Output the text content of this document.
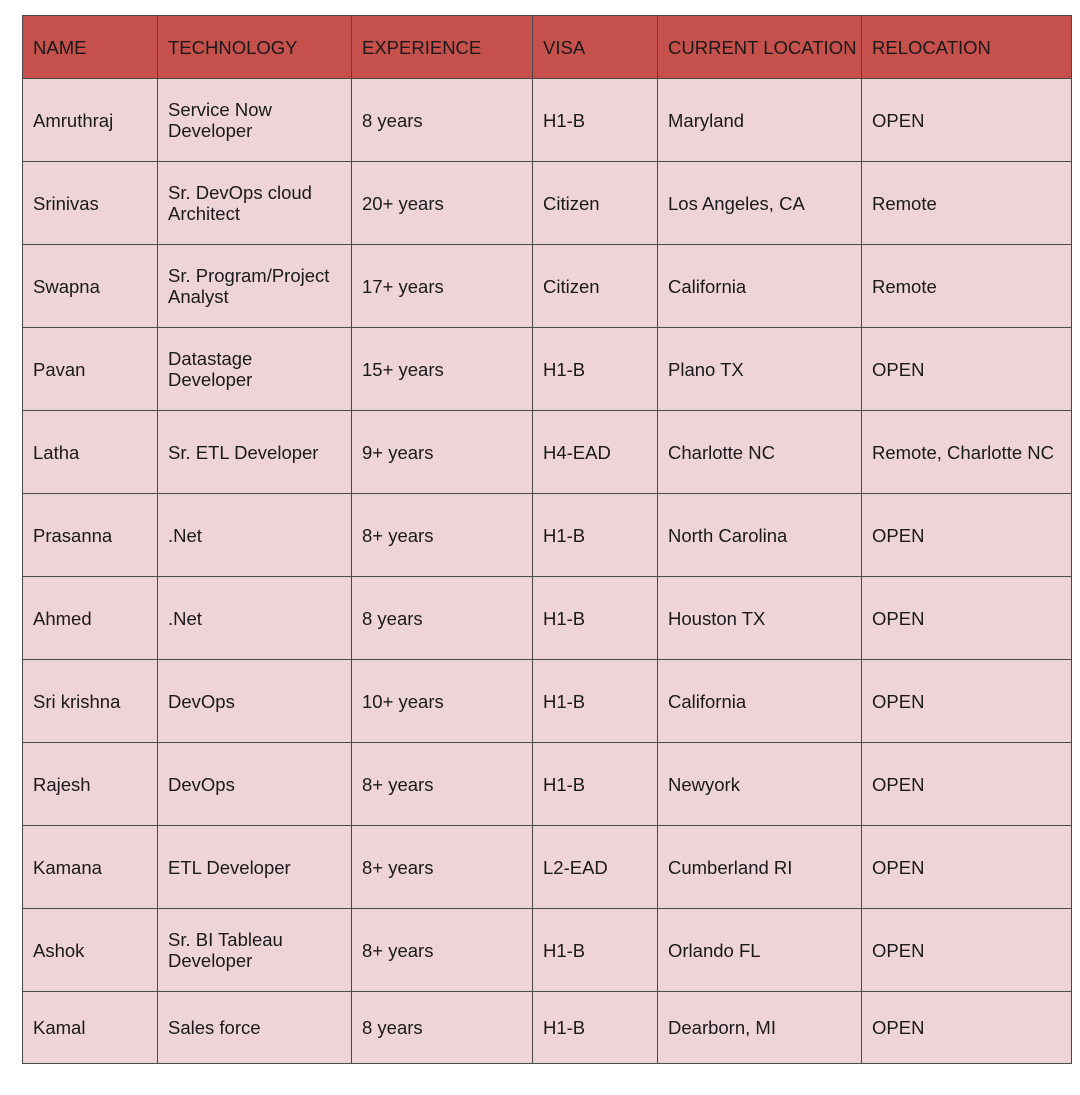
NAME	TECHNOLOGY	EXPERIENCE	VISA	CURRENT LOCATION	RELOCATION
Amruthraj	Service Now Developer	8 years	H1-B	Maryland	OPEN
Srinivas	Sr. DevOps cloud Architect	20+ years	Citizen	Los Angeles, CA	Remote
Swapna	Sr. Program/Project Analyst	17+ years	Citizen	California	Remote
Pavan	Datastage Developer	15+ years	H1-B	Plano TX	OPEN
Latha	Sr. ETL Developer	9+ years	H4-EAD	Charlotte NC	Remote, Charlotte NC
Prasanna	.Net	8+ years	H1-B	North Carolina	OPEN
Ahmed	.Net	8 years	H1-B	Houston TX	OPEN
Sri krishna	DevOps	10+ years	H1-B	California	OPEN
Rajesh	DevOps	8+ years	H1-B	Newyork	OPEN
Kamana	ETL Developer	8+ years	L2-EAD	Cumberland RI	OPEN
Ashok	Sr. BI Tableau Developer	8+ years	H1-B	Orlando FL	OPEN
Kamal	Sales force	8 years	H1-B	Dearborn, MI	OPEN
